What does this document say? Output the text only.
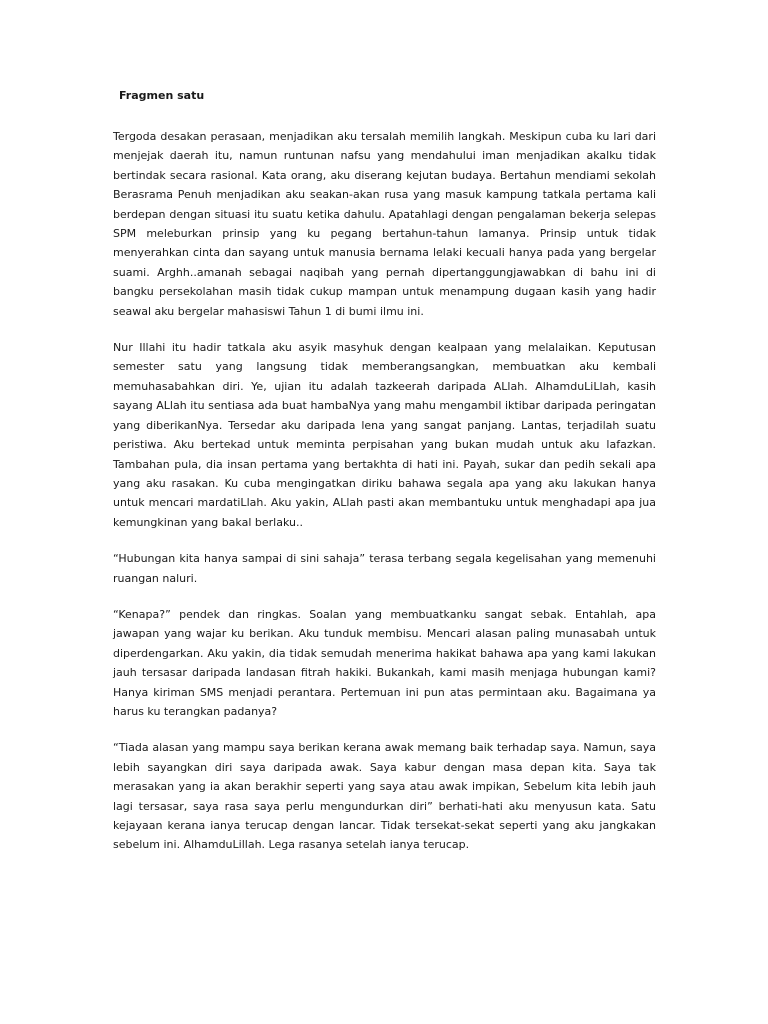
Fragmen satu

Tergoda desakan perasaan, menjadikan aku tersalah memilih langkah. Meskipun cuba ku lari dari menjejak daerah itu, namun runtunan nafsu yang mendahului iman menjadikan akalku tidak bertindak secara rasional. Kata orang, aku diserang kejutan budaya. Bertahun mendiami sekolah Berasrama Penuh menjadikan aku seakan-akan rusa yang masuk kampung tatkala pertama kali berdepan dengan situasi itu suatu ketika dahulu. Apatahlagi dengan pengalaman bekerja selepas SPM meleburkan prinsip yang ku pegang bertahun-tahun lamanya. Prinsip untuk tidak menyerahkan cinta dan sayang untuk manusia bernama lelaki kecuali hanya pada yang bergelar suami. Arghh..amanah sebagai naqibah yang pernah dipertanggungjawabkan di bahu ini di bangku persekolahan masih tidak cukup mampan untuk menampung dugaan kasih yang hadir seawal aku bergelar mahasiswi Tahun 1 di bumi ilmu ini.

Nur Illahi itu hadir tatkala aku asyik masyhuk dengan kealpaan yang melalaikan. Keputusan semester satu yang langsung tidak memberangsangkan, membuatkan aku kembali memuhasabahkan diri. Ye, ujian itu adalah tazkeerah daripada ALlah. AlhamduLiLlah, kasih sayang ALlah itu sentiasa ada buat hambaNya yang mahu mengambil iktibar daripada peringatan yang diberikanNya. Tersedar aku daripada lena yang sangat panjang. Lantas, terjadilah suatu peristiwa. Aku bertekad untuk meminta perpisahan yang bukan mudah untuk aku lafazkan. Tambahan pula, dia insan pertama yang bertakhta di hati ini. Payah, sukar dan pedih sekali apa yang aku rasakan. Ku cuba mengingatkan diriku bahawa segala apa yang aku lakukan hanya untuk mencari mardatiLlah. Aku yakin, ALlah pasti akan membantuku untuk menghadapi apa jua kemungkinan yang bakal berlaku..

“Hubungan kita hanya sampai di sini sahaja” terasa terbang segala kegelisahan yang memenuhi ruangan naluri.

“Kenapa?” pendek dan ringkas. Soalan yang membuatkanku sangat sebak. Entahlah, apa jawapan yang wajar ku berikan. Aku tunduk membisu. Mencari alasan paling munasabah untuk diperdengarkan. Aku yakin, dia tidak semudah menerima hakikat bahawa apa yang kami lakukan jauh tersasar daripada landasan fitrah hakiki. Bukankah, kami masih menjaga hubungan kami? Hanya kiriman SMS menjadi perantara. Pertemuan ini pun atas permintaan aku. Bagaimana ya harus ku terangkan padanya?

“Tiada alasan yang mampu saya berikan kerana awak memang baik terhadap saya. Namun, saya lebih sayangkan diri saya daripada awak. Saya kabur dengan masa depan kita. Saya tak merasakan yang ia akan berakhir seperti yang saya atau awak impikan, Sebelum kita lebih jauh lagi tersasar, saya rasa saya perlu mengundurkan diri” berhati-hati aku menyusun kata. Satu kejayaan kerana ianya terucap dengan lancar. Tidak tersekat-sekat seperti yang aku jangkakan sebelum ini. AlhamduLillah. Lega rasanya setelah ianya terucap.
